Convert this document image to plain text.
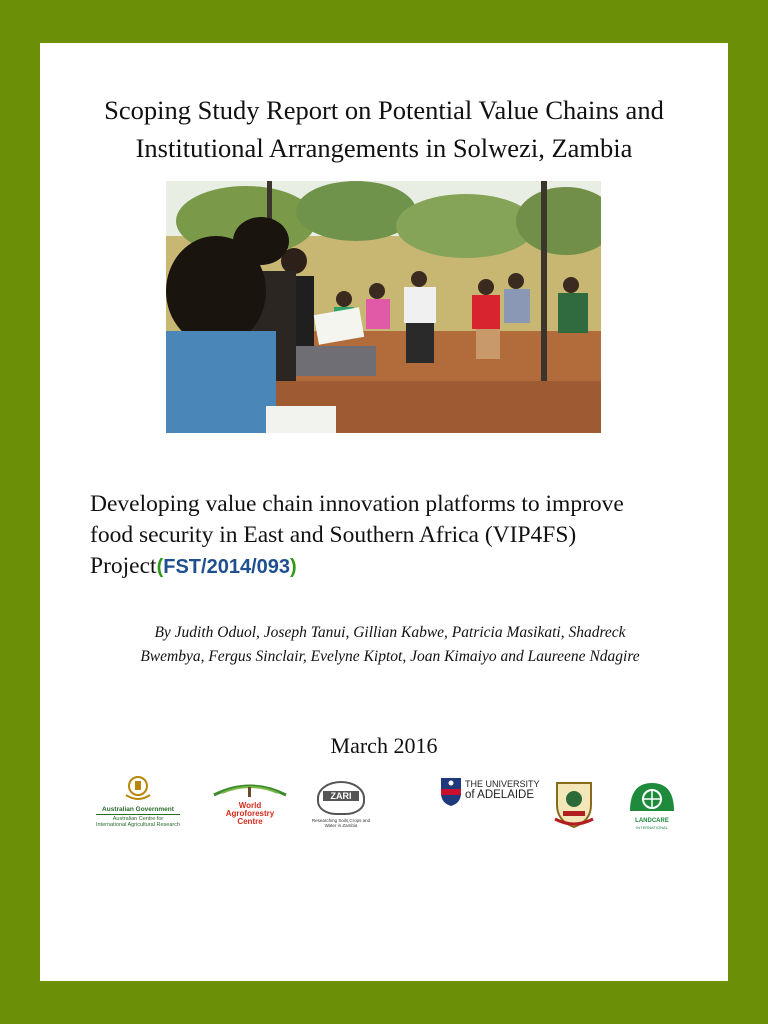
Scoping Study Report on Potential Value Chains and
Institutional Arrangements in Solwezi, Zambia
Developing value chain innovation platforms to improve
food security in East and Southern Africa (VIP4FS)
Project(FST/2014/093)
By Judith Oduol, Joseph Tanui, Gillian Kabwe, Patricia Masikati, Shadreck
Bwembya, Fergus Sinclair, Evelyne Kiptot, Joan Kimaiyo and Laureene Ndagire
March 2016
Australian Government
Australian Centre for
International Agricultural Research
World
Agroforestry
Centre
ZARI
Researching Soils,Crops and
Water in Zambia
THE UNIVERSITY
of ADELAIDE
LANDCARE
INTERNATIONAL
